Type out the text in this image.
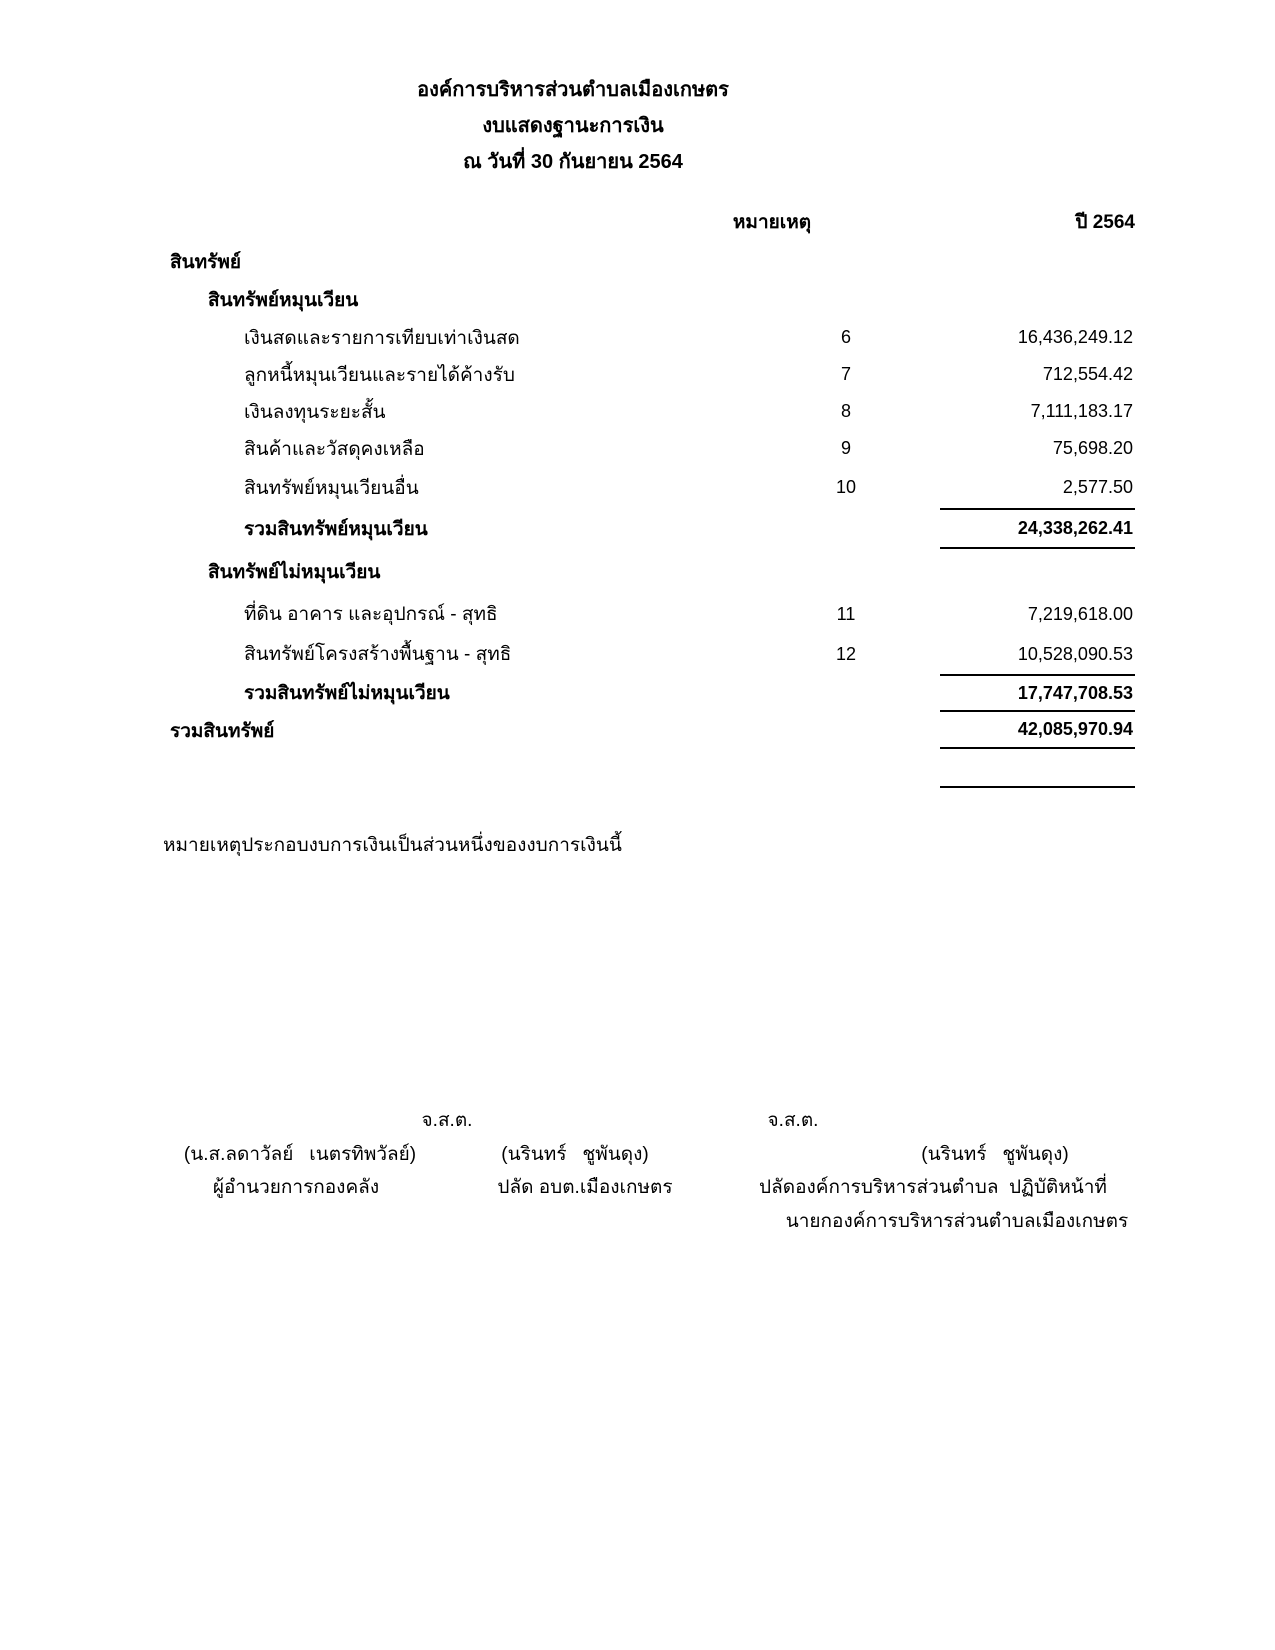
องค์การบริหารส่วนตำบลเมืองเกษตร
งบแสดงฐานะการเงิน
ณ วันที่ 30 กันยายน 2564
หมายเหตุ	ปี 2564
สินทรัพย์
สินทรัพย์หมุนเวียน
เงินสดและรายการเทียบเท่าเงินสด	6	16,436,249.12
ลูกหนี้หมุนเวียนและรายได้ค้างรับ	7	712,554.42
เงินลงทุนระยะสั้น	8	7,111,183.17
สินค้าและวัสดุคงเหลือ	9	75,698.20
สินทรัพย์หมุนเวียนอื่น	10	2,577.50
รวมสินทรัพย์หมุนเวียน	24,338,262.41
สินทรัพย์ไม่หมุนเวียน
ที่ดิน อาคาร และอุปกรณ์ - สุทธิ	11	7,219,618.00
สินทรัพย์โครงสร้างพื้นฐาน - สุทธิ	12	10,528,090.53
รวมสินทรัพย์ไม่หมุนเวียน	17,747,708.53
รวมสินทรัพย์	42,085,970.94
หมายเหตุประกอบงบการเงินเป็นส่วนหนึ่งของงบการเงินนี้
จ.ส.ต.	จ.ส.ต.
(น.ส.ลดาวัลย์   เนตรทิพวัลย์)	(นรินทร์   ชูพันดุง)	(นรินทร์   ชูพันดุง)
ผู้อำนวยการกองคลัง	ปลัด อบต.เมืองเกษตร	ปลัดองค์การบริหารส่วนตำบล  ปฏิบัติหน้าที่
นายกองค์การบริหารส่วนตำบลเมืองเกษตร
